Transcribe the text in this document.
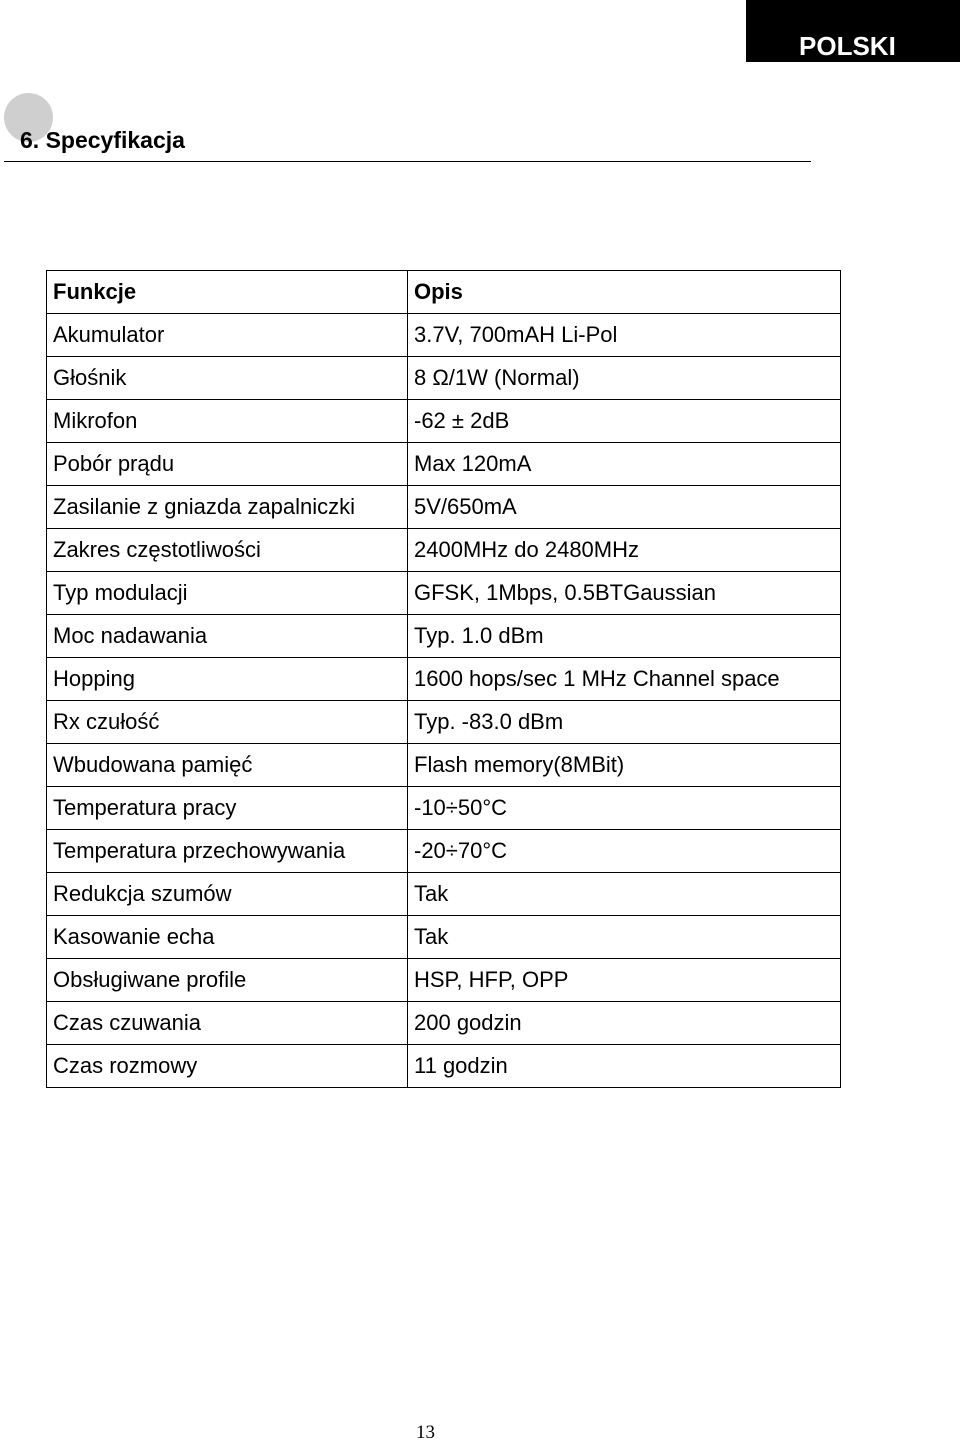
POLSKI
6. Specyfikacja
Funkcje	Opis
Akumulator	3.7V, 700mAH Li-Pol
Głośnik	8 Ω/1W (Normal)
Mikrofon	-62 ± 2dB
Pobór prądu	Max 120mA
Zasilanie z gniazda zapalniczki	5V/650mA
Zakres częstotliwości	2400MHz do 2480MHz
Typ modulacji	GFSK, 1Mbps, 0.5BTGaussian
Moc nadawania	Typ. 1.0 dBm
Hopping	1600 hops/sec 1 MHz Channel space
Rx czułość	Typ. -83.0 dBm
Wbudowana pamięć	Flash memory(8MBit)
Temperatura pracy	-10÷50°C
Temperatura przechowywania	-20÷70°C
Redukcja szumów	Tak
Kasowanie echa	Tak
Obsługiwane profile	HSP, HFP, OPP
Czas czuwania	200 godzin
Czas rozmowy	11 godzin
13
